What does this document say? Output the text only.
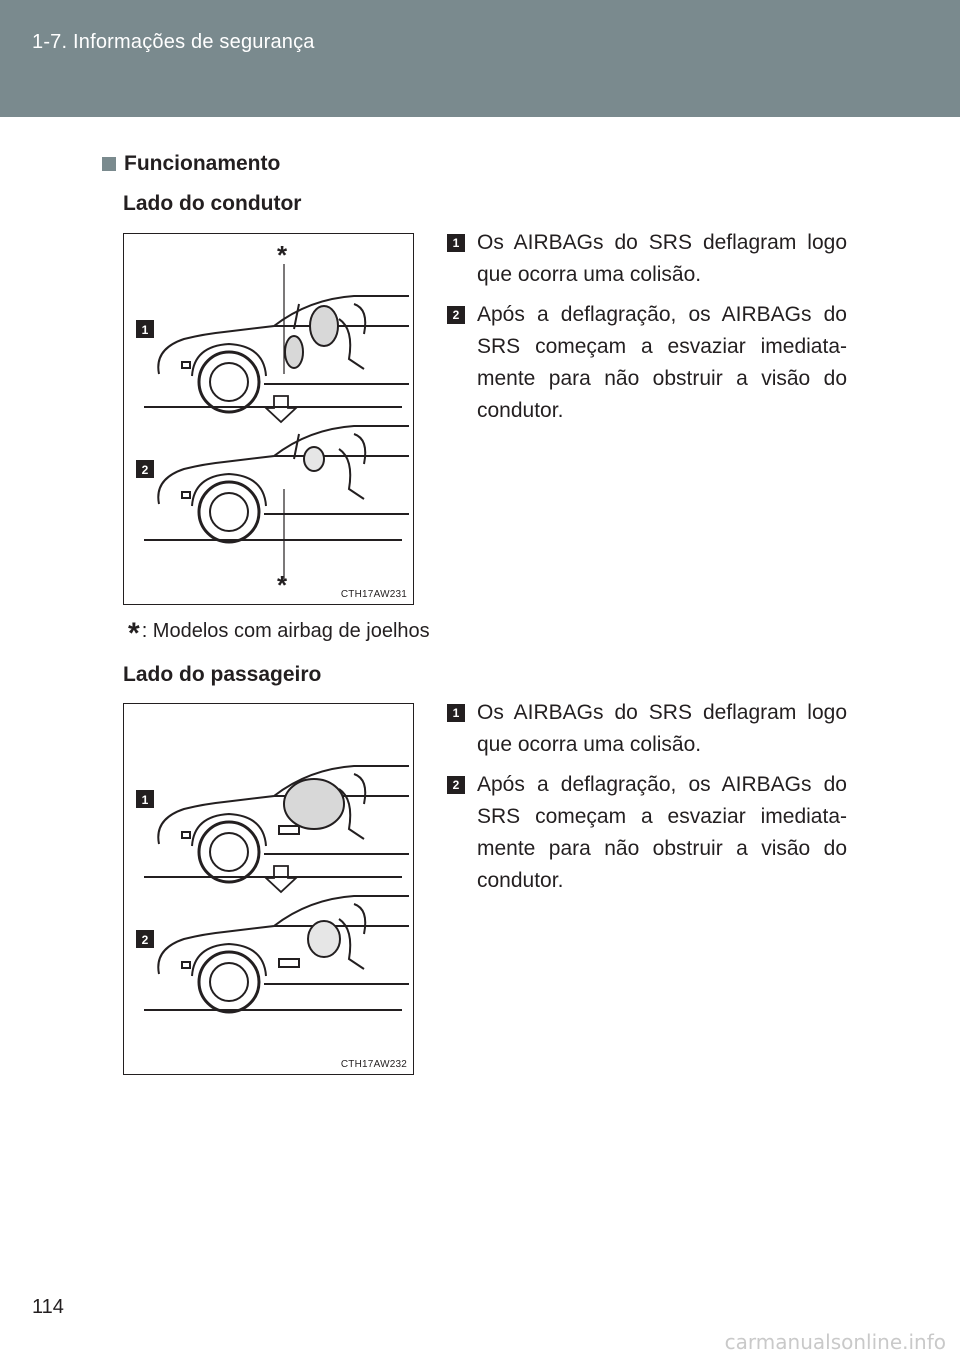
1-7. Informações de segurança
Funcionamento
Lado do condutor
1
2
*
*	CTH17AW231
1 Os AIRBAGs do SRS deflagram logo que ocorra uma colisão.
2 Após a deflagração, os AIRBAGs do SRS começam a esvaziar imediata-mente para não obstruir a visão do condutor.
* : Modelos com airbag de joelhos
Lado do passageiro
1
2
CTH17AW232
1 Os AIRBAGs do SRS deflagram logo que ocorra uma colisão.
2 Após a deflagração, os AIRBAGs do SRS começam a esvaziar imediata-mente para não obstruir a visão do condutor.
114
carmanualsonline.info
